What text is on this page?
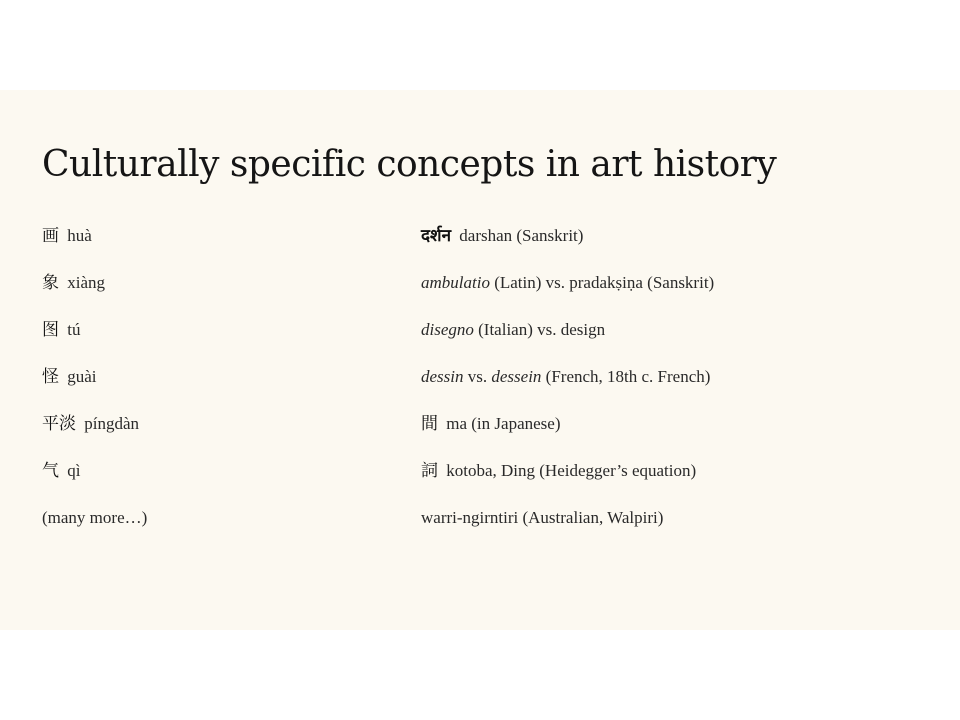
Culturally specific concepts in art history
画 huà
象 xiàng
图 tú
怪 guài
平淡 píngdàn
气 qì
(many more…)
दर्शन darshan (Sanskrit)
ambulatio (Latin) vs. pradakṣiṇa (Sanskrit)
disegno (Italian) vs. design
dessin vs. dessein (French, 18th c. French)
間 ma (in Japanese)
詞 kotoba, Ding (Heidegger’s equation)
warri-ngirntiri (Australian, Walpiri)
